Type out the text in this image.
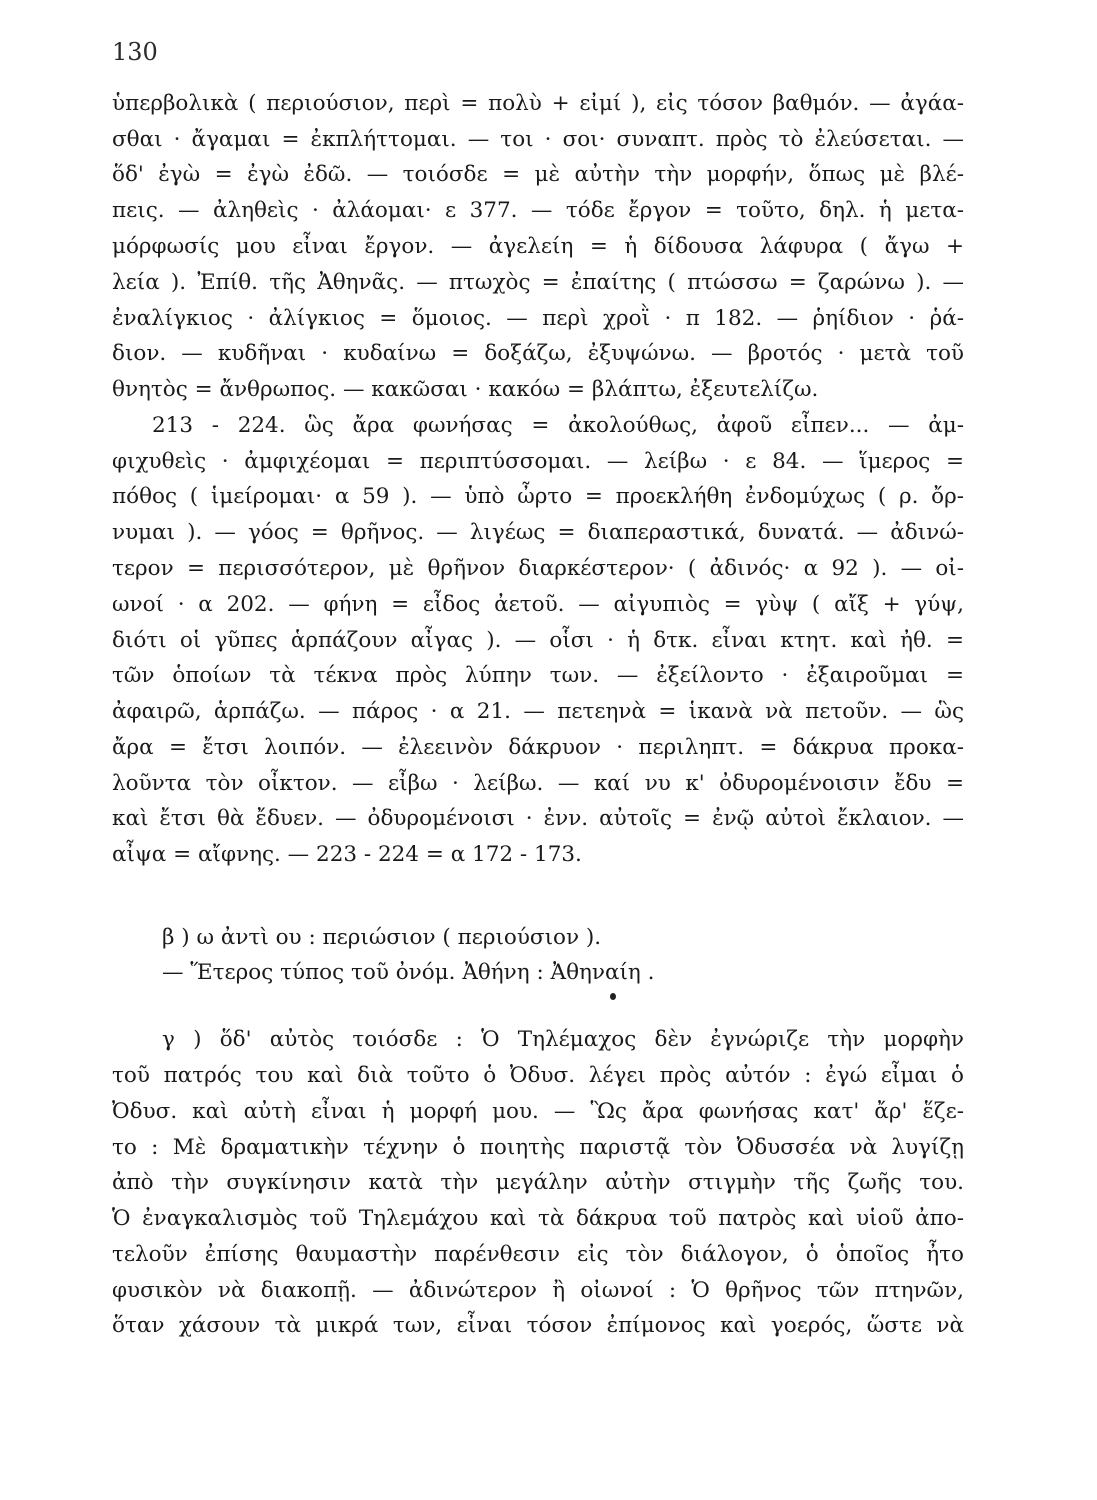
130
ὑπερβολικὰ ( περιούσιον, περὶ = πολὺ + εἰμί ), εἰς τόσον βαθμόν. — ἀγάα-
σθαι · ἄγαμαι = ἐκπλήττομαι. — τοι · σοι· συναπτ. πρὸς τὸ ἐλεύσεται. —
ὅδ' ἐγὼ = ἐγὼ ἐδῶ. — τοιόσδε = μὲ αὐτὴν τὴν μορφήν, ὅπως μὲ βλέ-
πεις. — ἀληθεὶς · ἀλάομαι· ε 377. — τόδε ἔργον = τοῦτο, δηλ. ἡ μετα-
μόρφωσίς μου εἶναι ἔργον. — ἀγελείη = ἡ δίδουσα λάφυρα ( ἄγω +
λεία ). Ἐπίθ. τῆς Ἀθηνᾶς. — πτωχὸς = ἐπαίτης ( πτώσσω = ζαρώνω ). —
ἐναλίγκιος · ἀλίγκιος = ὅμοιος. — περὶ χροῒ · π 182. — ῥηίδιον · ῥά-
διον. — κυδῆναι · κυδαίνω = δοξάζω, ἐξυψώνω. — βροτός · μετὰ τοῦ
θνητὸς = ἄνθρωπος. — κακῶσαι · κακόω = βλάπτω, ἐξευτελίζω.
213 - 224. ὣς ἄρα φωνήσας = ἀκολούθως, ἀφοῦ εἶπεν... — ἀμ-
φιχυθεὶς · ἀμφιχέομαι = περιπτύσσομαι. — λείβω · ε 84. — ἵμερος =
πόθος ( ἱμείρομαι· α 59 ). — ὑπὸ ὦρτο = προεκλήθη ἐνδομύχως ( ρ. ὄρ-
νυμαι ). — γόος = θρῆνος. — λιγέως = διαπεραστικά, δυνατά. — ἀδινώ-
τερον = περισσότερον, μὲ θρῆνον διαρκέστερον· ( ἀδινός· α 92 ). — οἰ-
ωνοί · α 202. — φήνη = εἶδος ἀετοῦ. — αἰγυπιὸς = γὺψ ( αἴξ + γύψ,
διότι οἱ γῦπες ἁρπάζουν αἶγας ). — οἷσι · ἡ δτκ. εἶναι κτητ. καὶ ἠθ. =
τῶν ὁποίων τὰ τέκνα πρὸς λύπην των. — ἐξείλοντο · ἐξαιροῦμαι =
ἀφαιρῶ, ἁρπάζω. — πάρος · α 21. — πετεηνὰ = ἱκανὰ νὰ πετοῦν. — ὣς
ἄρα = ἔτσι λοιπόν. — ἐλεεινὸν δάκρυον · περιληπτ. = δάκρυα προκα-
λοῦντα τὸν οἶκτον. — εἶβω · λείβω. — καί νυ κ' ὀδυρομένοισιν ἔδυ =
καὶ ἔτσι θὰ ἔδυεν. — ὀδυρομένοισι · ἐνν. αὐτοῖς = ἐνῷ αὐτοὶ ἔκλαιον. —
αἶψα = αἴφνης. — 223 - 224 = α 172 - 173.
β ) ω ἀντὶ ου : περιώσιον ( περιούσιον ).
— Ἕτερος τύπος τοῦ ὀνόμ. Ἀθήνη : Ἀθηναίη .
γ ) ὅδ' αὐτὸς τοιόσδε : Ὁ Τηλέμαχος δὲν ἐγνώριζε τὴν μορφὴν
τοῦ πατρός του καὶ διὰ τοῦτο ὁ Ὀδυσ. λέγει πρὸς αὐτόν : ἐγώ εἶμαι ὁ
Ὀδυσ. καὶ αὐτὴ εἶναι ἡ μορφή μου. — Ὣς ἄρα φωνήσας κατ' ἄρ' ἕζε-
το : Μὲ δραματικὴν τέχνην ὁ ποιητὴς παριστᾷ τὸν Ὀδυσσέα νὰ λυγίζῃ
ἀπὸ τὴν συγκίνησιν κατὰ τὴν μεγάλην αὐτὴν στιγμὴν τῆς ζωῆς του.
Ὁ ἐναγκαλισμὸς τοῦ Τηλεμάχου καὶ τὰ δάκρυα τοῦ πατρὸς καὶ υἱοῦ ἀπο-
τελοῦν ἐπίσης θαυμαστὴν παρένθεσιν εἰς τὸν διάλογον, ὁ ὁποῖος ἦτο
φυσικὸν νὰ διακοπῇ. — ἀδινώτερον ἢ οἰωνοί : Ὁ θρῆνος τῶν πτηνῶν,
ὅταν χάσουν τὰ μικρά των, εἶναι τόσον ἐπίμονος καὶ γοερός, ὥστε νὰ
